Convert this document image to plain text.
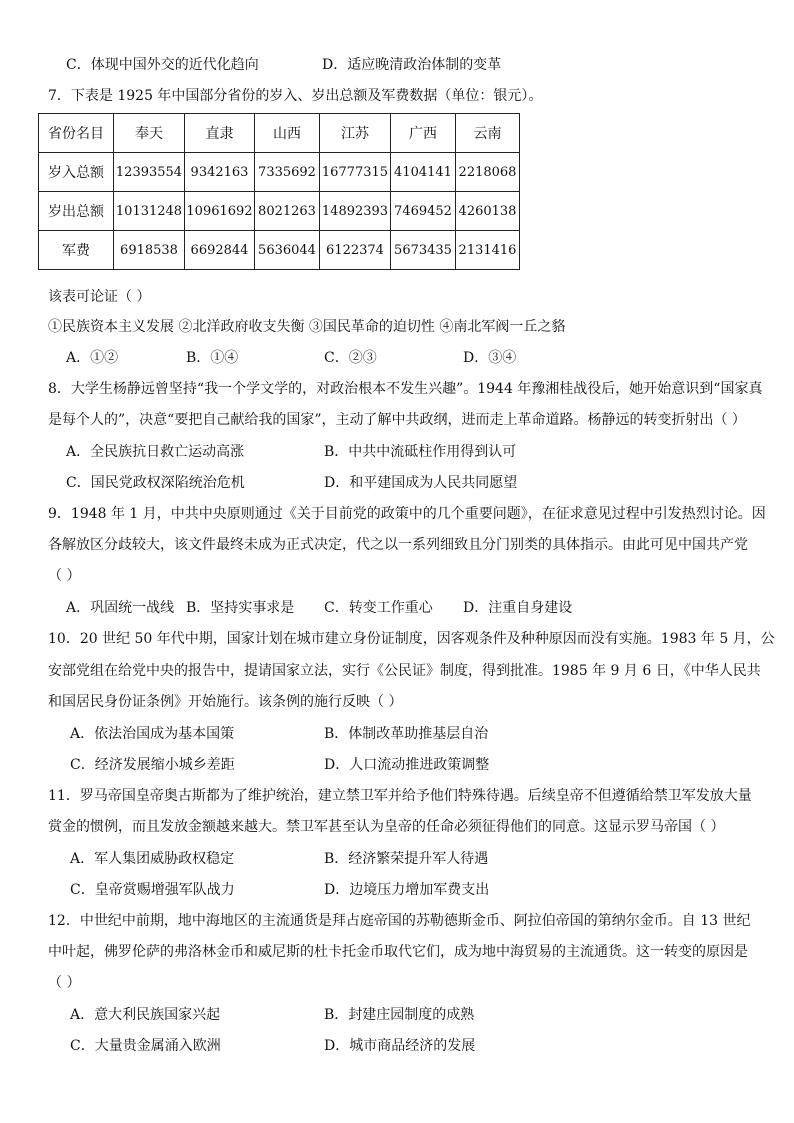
C．体现中国外交的近代化趋向	D．适应晚清政治体制的变革
7．下表是 1925 年中国部分省份的岁入、岁出总额及军费数据（单位：银元）。
省份名目	奉天	直隶	山西	江苏	广西	云南
岁入总额	12393554	9342163	7335692	16777315	4104141	2218068
岁出总额	10131248	10961692	8021263	14892393	7469452	4260138
军费	6918538	6692844	5636044	6122374	5673435	2131416
该表可论证（ ）
①民族资本主义发展 ②北洋政府收支失衡 ③国民革命的迫切性 ④南北军阀一丘之貉
A．①②	B．①④	C．②③	D．③④
8．大学生杨静远曾坚持“我一个学文学的，对政治根本不发生兴趣”。1944 年豫湘桂战役后，她开始意识到“国家真
是每个人的”，决意“要把自己献给我的国家”，主动了解中共政纲，进而走上革命道路。杨静远的转变折射出（ ）
A．全民族抗日救亡运动高涨	B．中共中流砥柱作用得到认可
C．国民党政权深陷统治危机	D．和平建国成为人民共同愿望
9．1948 年 1 月，中共中央原则通过《关于目前党的政策中的几个重要问题》，在征求意见过程中引发热烈讨论。因
各解放区分歧较大，该文件最终未成为正式决定，代之以一系列细致且分门别类的具体指示。由此可见中国共产党
（ ）
A．巩固统一战线 B．坚持实事求是 C．转变工作重心 D．注重自身建设
10．20 世纪 50 年代中期，国家计划在城市建立身份证制度，因客观条件及种种原因而没有实施。1983 年 5 月，公
安部党组在给党中央的报告中，提请国家立法，实行《公民证》制度，得到批准。1985 年 9 月 6 日，《中华人民共
和国居民身份证条例》开始施行。该条例的施行反映（ ）
A．依法治国成为基本国策	B．体制改革助推基层自治
C．经济发展缩小城乡差距	D．人口流动推进政策调整
11．罗马帝国皇帝奥古斯都为了维护统治，建立禁卫军并给予他们特殊待遇。后续皇帝不但遵循给禁卫军发放大量
赏金的惯例，而且发放金额越来越大。禁卫军甚至认为皇帝的任命必须征得他们的同意。这显示罗马帝国（ ）
A．军人集团威胁政权稳定	B．经济繁荣提升军人待遇
C．皇帝赏赐增强军队战力	D．边境压力增加军费支出
12．中世纪中前期，地中海地区的主流通货是拜占庭帝国的苏勒德斯金币、阿拉伯帝国的第纳尔金币。自 13 世纪
中叶起，佛罗伦萨的弗洛林金币和威尼斯的杜卡托金币取代它们，成为地中海贸易的主流通货。这一转变的原因是
（ ）
A．意大利民族国家兴起	B．封建庄园制度的成熟
C．大量贵金属涌入欧洲	D．城市商品经济的发展
